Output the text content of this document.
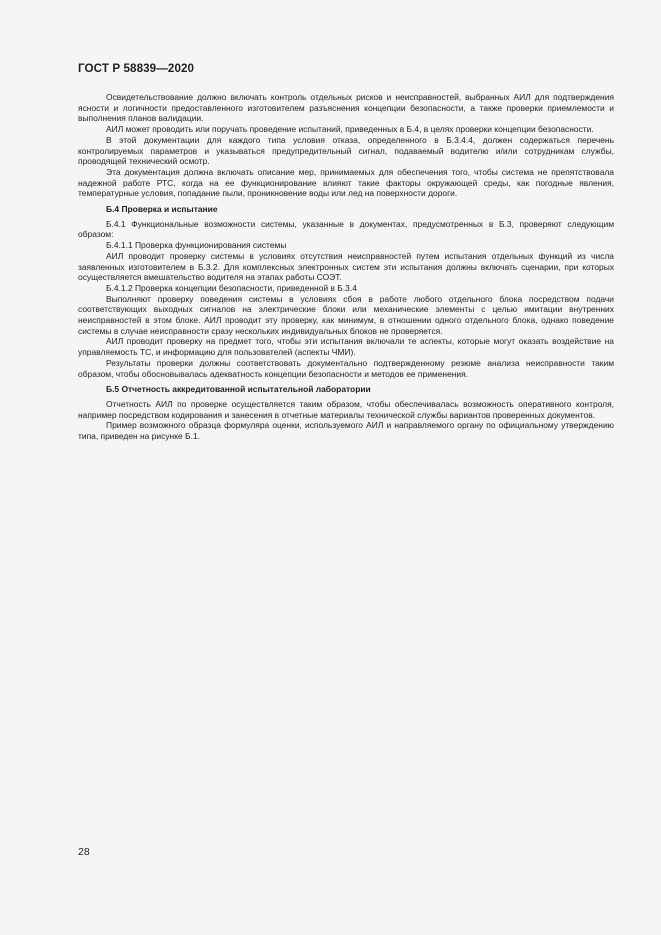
ГОСТ Р 58839—2020

Освидетельствование должно включать контроль отдельных рисков и неисправностей, выбранных АИЛ для подтверждения ясности и логичности предоставленного изготовителем разъяснения концепции безопасности, а также проверки приемлемости и выполнения планов валидации.

АИЛ может проводить или поручать проведение испытаний, приведенных в Б.4, в целях проверки концепции безопасности.

В этой документации для каждого типа условия отказа, определенного в Б.3.4.4, должен содержаться перечень контролируемых параметров и указываться предупредительный сигнал, подаваемый водителю и/или сотрудникам службы, проводящей технический осмотр.

Эта документация должна включать описание мер, принимаемых для обеспечения того, чтобы система не препятствовала надежной работе РТС, когда на ее функционирование влияют такие факторы окружающей среды, как погодные явления, температурные условия, попадание пыли, проникновение воды или лед на поверхности дороги.

Б.4 Проверка и испытание

Б.4.1 Функциональные возможности системы, указанные в документах, предусмотренных в Б.3, проверяют следующим образом:

Б.4.1.1 Проверка функционирования системы

АИЛ проводит проверку системы в условиях отсутствия неисправностей путем испытания отдельных функций из числа заявленных изготовителем в Б.3.2. Для комплексных электронных систем эти испытания должны включать сценарии, при которых осуществляется вмешательство водителя на этапах работы СОЭТ.

Б.4.1.2 Проверка концепции безопасности, приведенной в Б.3.4

Выполняют проверку поведения системы в условиях сбоя в работе любого отдельного блока посредством подачи соответствующих выходных сигналов на электрические блоки или механические элементы с целью имитации внутренних неисправностей в этом блоке. АИЛ проводит эту проверку, как минимум, в отношении одного отдельного блока, однако поведение системы в случае неисправности сразу нескольких индивидуальных блоков не проверяется.

АИЛ проводит проверку на предмет того, чтобы эти испытания включали те аспекты, которые могут оказать воздействие на управляемость ТС, и информацию для пользователей (аспекты ЧМИ).

Результаты проверки должны соответствовать документально подтвержденному резюме анализа неисправности таким образом, чтобы обосновывалась адекватность концепции безопасности и методов ее применения.

Б.5 Отчетность аккредитованной испытательной лаборатории

Отчетность АИЛ по проверке осуществляется таким образом, чтобы обеспечивалась возможность оперативного контроля, например посредством кодирования и занесения в отчетные материалы технической службы вариантов проверенных документов.

Пример возможного образца формуляра оценки, используемого АИЛ и направляемого органу по официальному утверждению типа, приведен на рисунке Б.1.

28
